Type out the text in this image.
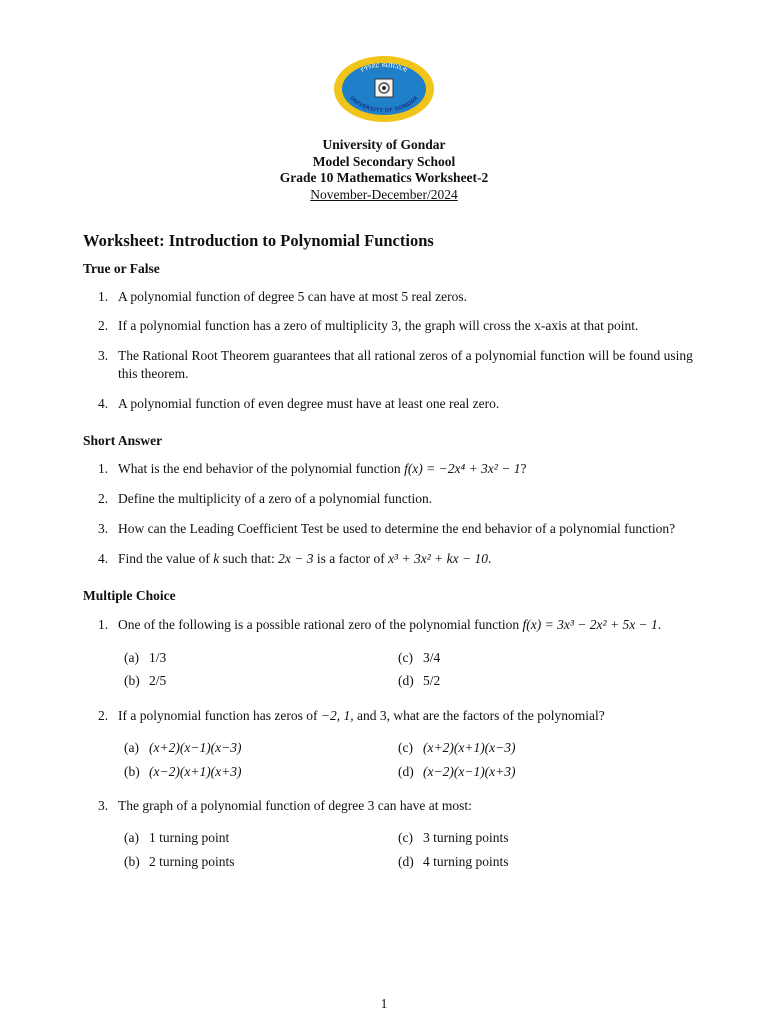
የጎንደር ዩኒቨርሲቲ
UNIVERSITY OF GONDAR
University of Gondar
Model Secondary School
Grade 10 Mathematics Worksheet-2
November-December/2024
Worksheet: Introduction to Polynomial Functions
True or False
1. A polynomial function of degree 5 can have at most 5 real zeros.
2. If a polynomial function has a zero of multiplicity 3, the graph will cross the x-axis at that point.
3. The Rational Root Theorem guarantees that all rational zeros of a polynomial function will be found using this theorem.
4. A polynomial function of even degree must have at least one real zero.
Short Answer
1. What is the end behavior of the polynomial function f(x) = −2x⁴ + 3x² − 1?
2. Define the multiplicity of a zero of a polynomial function.
3. How can the Leading Coefficient Test be used to determine the end behavior of a polynomial function?
4. Find the value of k such that: 2x − 3 is a factor of x³ + 3x² + kx − 10.
Multiple Choice
1. One of the following is a possible rational zero of the polynomial function f(x) = 3x³ − 2x² + 5x − 1.
(a) 1/3
(b) 2/5
(c) 3/4
(d) 5/2
2. If a polynomial function has zeros of −2, 1, and 3, what are the factors of the polynomial?
(a) (x+2)(x−1)(x−3)
(b) (x−2)(x+1)(x+3)
(c) (x+2)(x+1)(x−3)
(d) (x−2)(x−1)(x+3)
3. The graph of a polynomial function of degree 3 can have at most:
(a) 1 turning point
(b) 2 turning points
(c) 3 turning points
(d) 4 turning points
1
